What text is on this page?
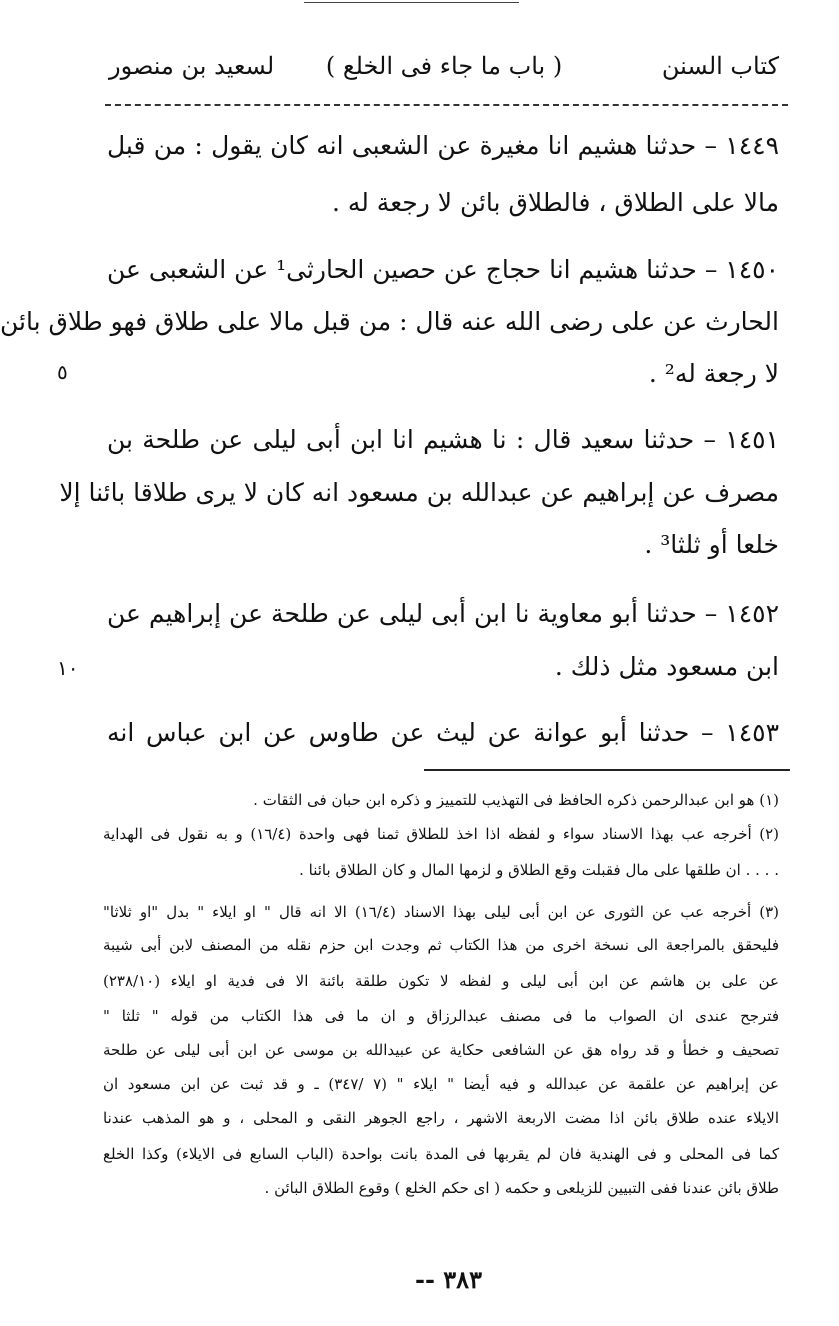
كتاب السنن
( باب ما جاء فى الخلع )
لسعيد بن منصور
١٤٤٩ – حدثنا هشيم انا مغيرة عن الشعبى انه كان يقول : من قبل
مالا على الطلاق ، فالطلاق بائن لا رجعة له .
١٤٥٠ – حدثنا هشيم انا حجاج عن حصين الحارثى¹ عن الشعبى عن
الحارث عن على رضى الله عنه قال : من قبل مالا على طلاق فهو طلاق بائن
لا رجعة له² .
١٤٥١ – حدثنا سعيد قال : نا هشيم انا ابن أبى ليلى عن طلحة بن
مصرف عن إبراهيم عن عبدالله بن مسعود انه كان لا يرى طلاقا بائنا إلا
خلعا أو ثلثا³ .
١٤٥٢ – حدثنا أبو معاوية نا ابن أبى ليلى عن طلحة عن إبراهيم عن
ابن مسعود مثل ذلك .
١٤٥٣ – حدثنا أبو عوانة عن ليث عن طاوس عن ابن عباس انه
٥
١٠
(١) هو ابن عبدالرحمن ذكره الحافظ فى التهذيب للتمييز و ذكره ابن حبان فى الثقات .
(٢) أخرجه عب بهذا الاسناد سواء و لفظه اذا اخذ للطلاق ثمنا فهى واحدة (١٦/٤) و به نقول فى الهداية
. . . . ان طلقها على مال فقبلت وقع الطلاق و لزمها المال و كان الطلاق بائنا .
(٣) أخرجه عب عن الثورى عن ابن أبى ليلى بهذا الاسناد (١٦/٤) الا انه قال " او ايلاء " بدل "او ثلاثا"
فليحقق بالمراجعة الى نسخة اخرى من هذا الكتاب ثم وجدت ابن حزم نقله من المصنف لابن أبى شيبة
عن على بن هاشم عن ابن أبى ليلى و لفظه لا تكون طلقة بائنة الا فى فدية او ايلاء (٢٣٨/١٠)
فترجح عندى ان الصواب ما فى مصنف عبدالرزاق و ان ما فى هذا الكتاب من قوله " ثلثا "
تصحيف و خطأ و قد رواه هق عن الشافعى حكاية عن عبيدالله بن موسى عن ابن أبى ليلى عن طلحة
عن إبراهيم عن علقمة عن عبدالله و فيه أيضا " ايلاء " (٧ /٣٤٧) ـ و قد ثبت عن ابن مسعود ان
الايلاء عنده طلاق بائن اذا مضت الاربعة الاشهر ، راجع الجوهر النقى و المحلى ، و هو المذهب عندنا
كما فى المحلى و فى الهندية فان لم يقربها فى المدة بانت بواحدة (الباب السابع فى الايلاء) وكذا الخلع
طلاق بائن عندنا ففى التبيين للزيلعى و حكمه ( اى حكم الخلع ) وقوع الطلاق البائن .
٣٨٣ --
